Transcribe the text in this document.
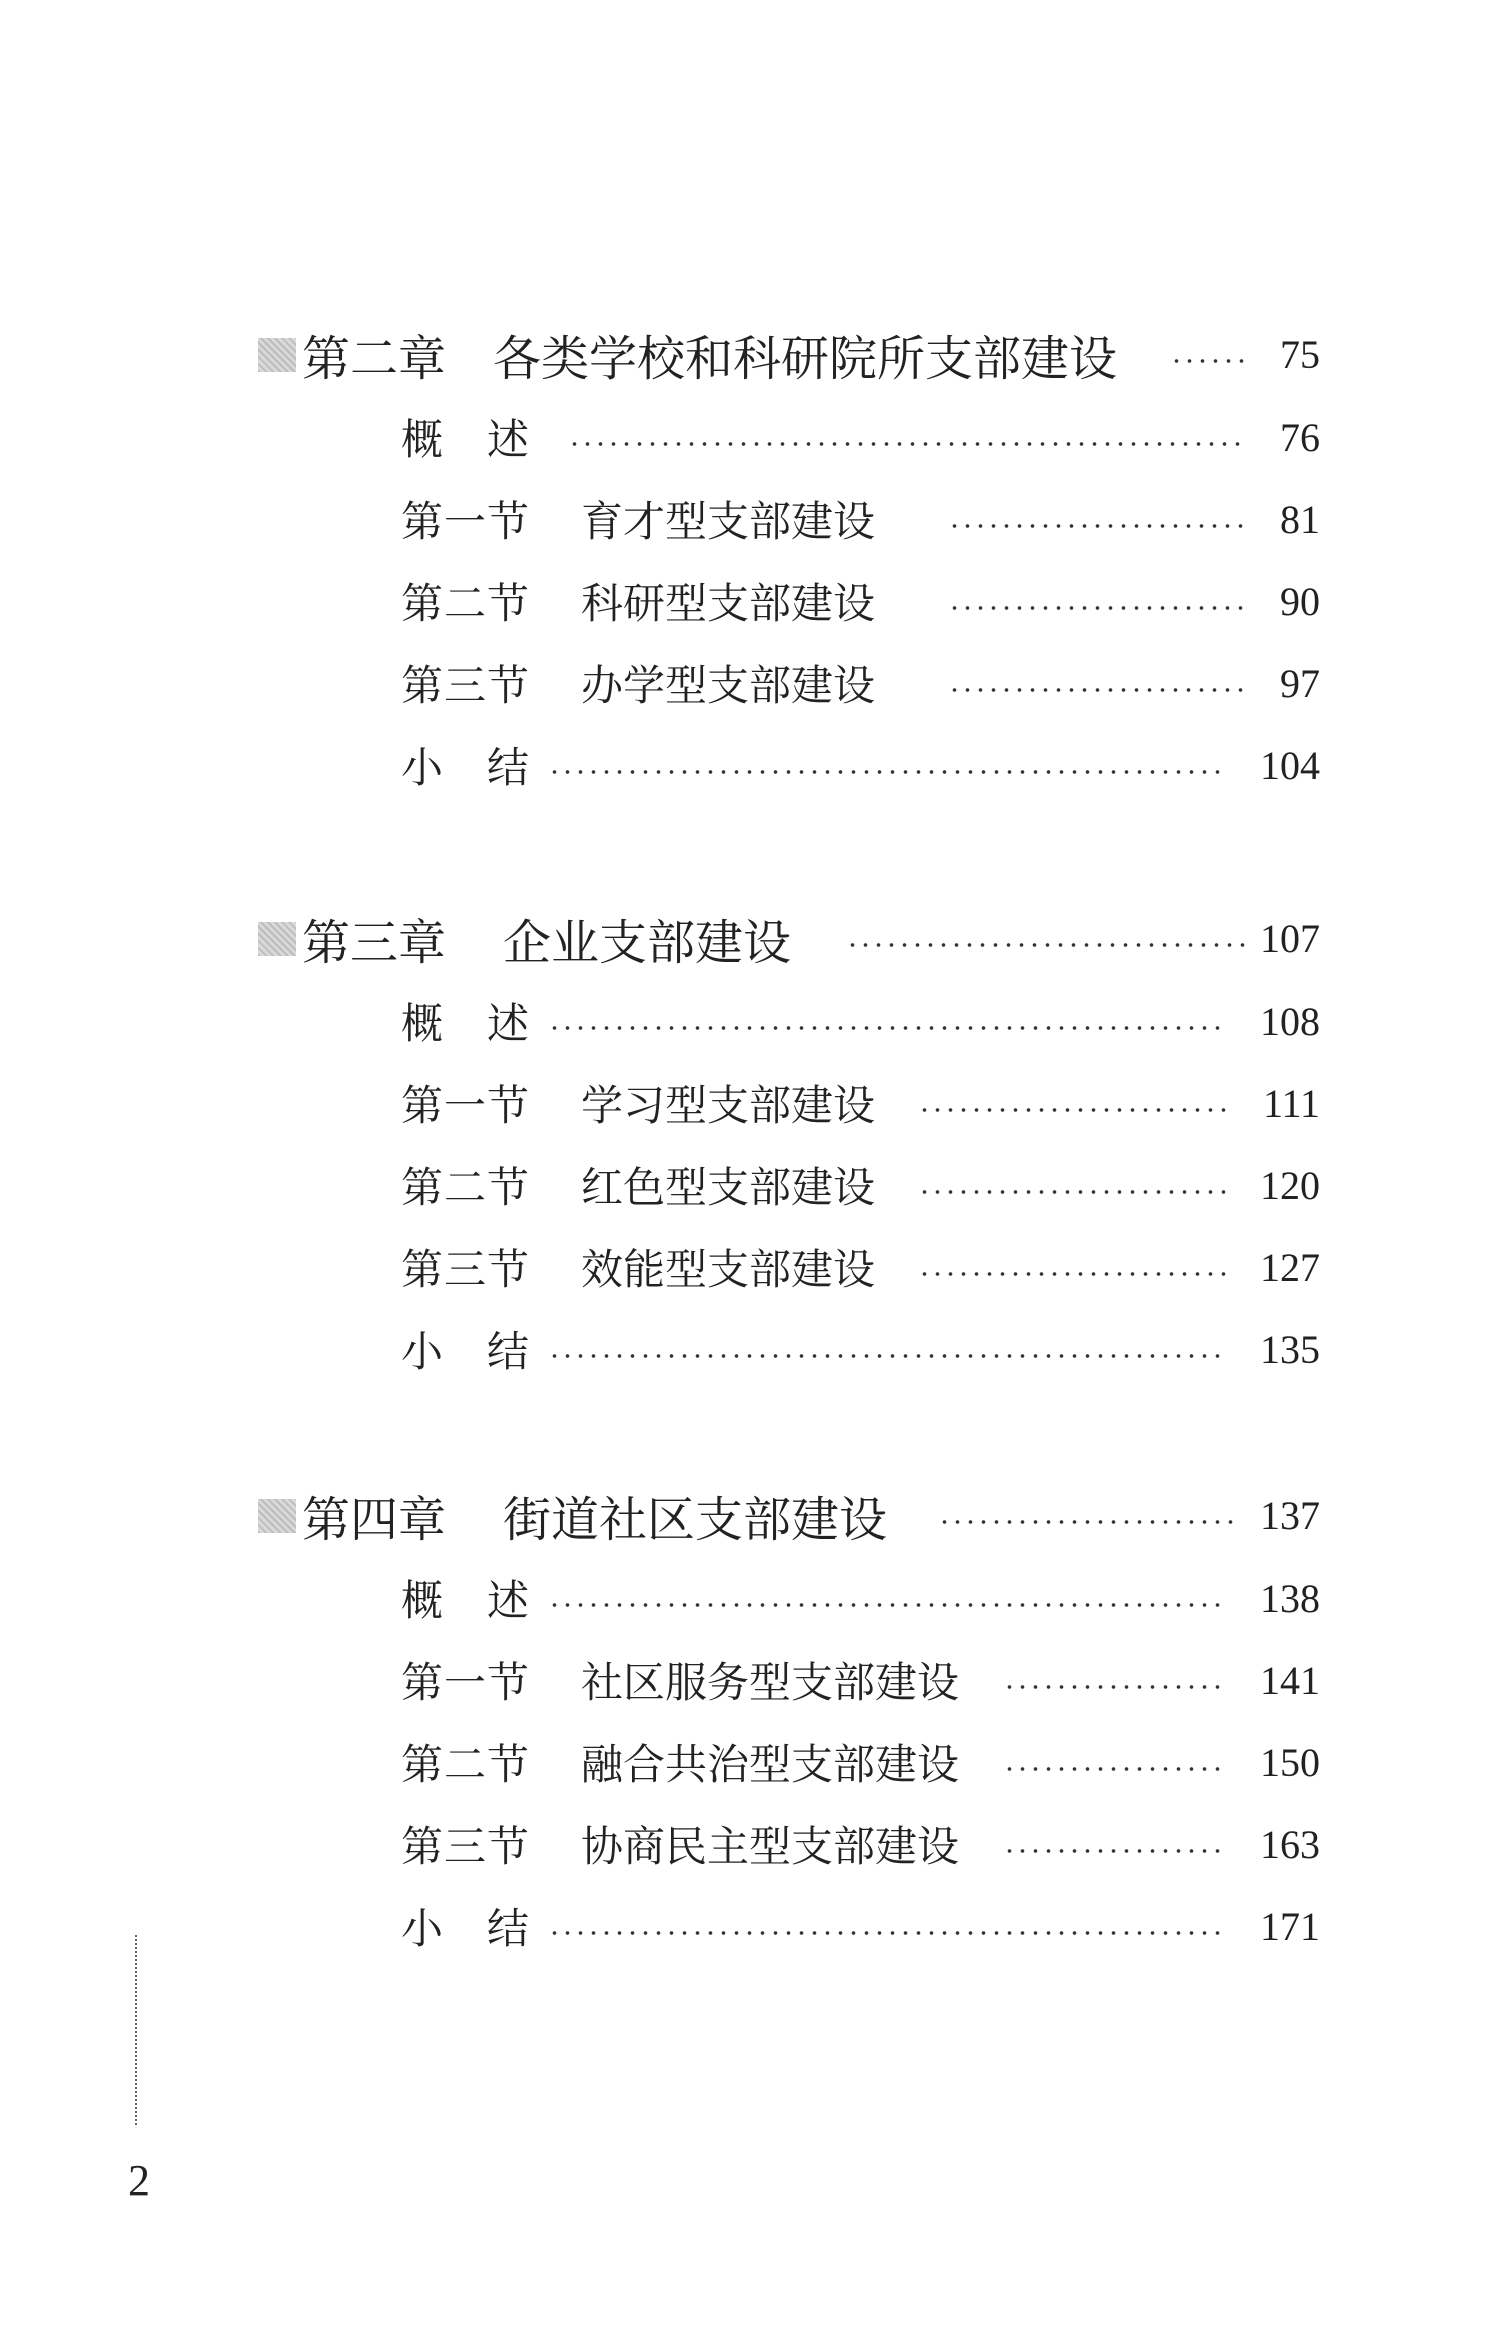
第二章 各类学校和科研院所支部建设	75
概　述	76
第一节 育才型支部建设	81
第二节 科研型支部建设	90
第三节 办学型支部建设	97
小　结	104
第三章 企业支部建设	107
概　述	108
第一节 学习型支部建设	111
第二节 红色型支部建设	120
第三节 效能型支部建设	127
小　结	135
第四章 街道社区支部建设	137
概　述	138
第一节 社区服务型支部建设	141
第二节 融合共治型支部建设	150
第三节 协商民主型支部建设	163
小　结	171
2
